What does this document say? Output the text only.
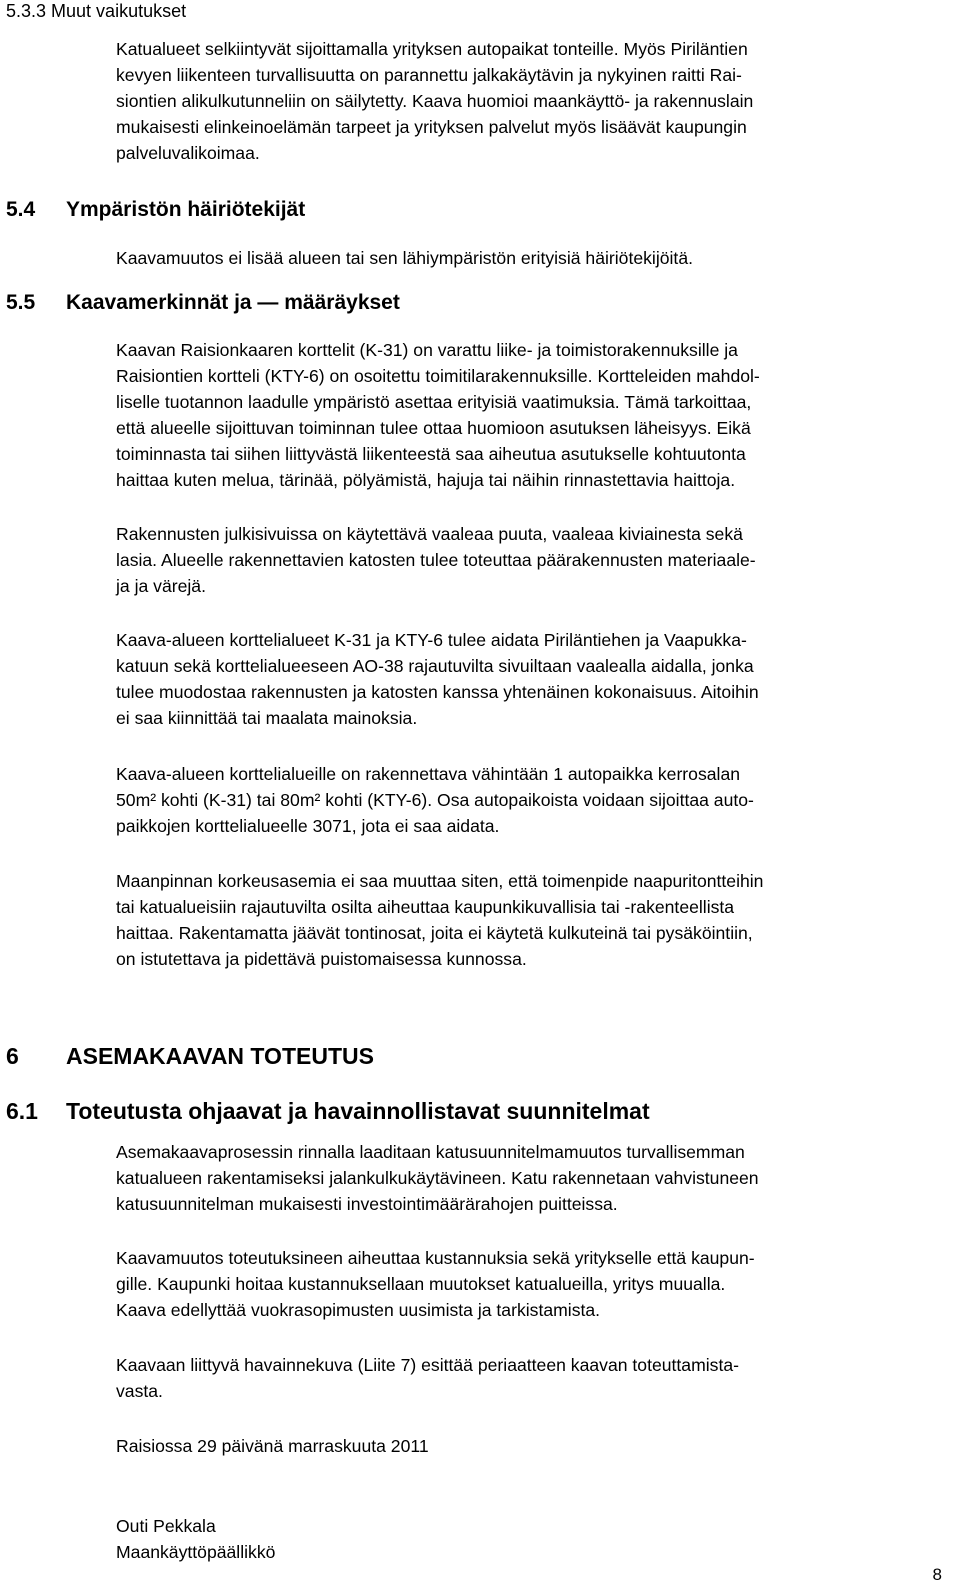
5.3.3 Muut vaikutukset
Katualueet selkiintyvät sijoittamalla yrityksen autopaikat tonteille. Myös Piriläntien
kevyen liikenteen turvallisuutta on parannettu jalkakäytävin ja nykyinen raitti Rai-
siontien alikulkutunneliin on säilytetty. Kaava huomioi maankäyttö- ja rakennuslain
mukaisesti elinkeinoelämän tarpeet ja yrityksen palvelut myös lisäävät kaupungin
palveluvalikoimaa.
5.4 Ympäristön häiriötekijät
Kaavamuutos ei lisää alueen tai sen lähiympäristön erityisiä häiriötekijöitä.
5.5 Kaavamerkinnät ja — määräykset
Kaavan Raisionkaaren korttelit (K-31) on varattu liike- ja toimistorakennuksille ja
Raisiontien kortteli (KTY-6) on osoitettu toimitilarakennuksille. Kortteleiden mahdol-
liselle tuotannon laadulle ympäristö asettaa erityisiä vaatimuksia. Tämä tarkoittaa,
että alueelle sijoittuvan toiminnan tulee ottaa huomioon asutuksen läheisyys. Eikä
toiminnasta tai siihen liittyvästä liikenteestä saa aiheutua asutukselle kohtuutonta
haittaa kuten melua, tärinää, pölyämistä, hajuja tai näihin rinnastettavia haittoja.
Rakennusten julkisivuissa on käytettävä vaaleaa puuta, vaaleaa kiviainesta sekä
lasia. Alueelle rakennettavien katosten tulee toteuttaa päärakennusten materiaale-
ja ja värejä.
Kaava-alueen korttelialueet K-31 ja KTY-6 tulee aidata Piriläntiehen ja Vaapukka-
katuun sekä korttelialueeseen AO-38 rajautuvilta sivuiltaan vaalealla aidalla, jonka
tulee muodostaa rakennusten ja katosten kanssa yhtenäinen kokonaisuus. Aitoihin
ei saa kiinnittää tai maalata mainoksia.
Kaava-alueen korttelialueille on rakennettava vähintään 1 autopaikka kerrosalan
50m² kohti (K-31) tai 80m² kohti (KTY-6). Osa autopaikoista voidaan sijoittaa auto-
paikkojen korttelialueelle 3071, jota ei saa aidata.
Maanpinnan korkeusasemia ei saa muuttaa siten, että toimenpide naapuritontteihin
tai katualueisiin rajautuvilta osilta aiheuttaa kaupunkikuvallisia tai -rakenteellista
haittaa. Rakentamatta jäävät tontinosat, joita ei käytetä kulkuteinä tai pysäköintiin,
on istutettava ja pidettävä puistomaisessa kunnossa.
6 ASEMAKAAVAN TOTEUTUS
6.1 Toteutusta ohjaavat ja havainnollistavat suunnitelmat
Asemakaavaprosessin rinnalla laaditaan katusuunnitelmamuutos turvallisemman
katualueen rakentamiseksi jalankulkukäytävineen. Katu rakennetaan vahvistuneen
katusuunnitelman mukaisesti investointimäärärahojen puitteissa.
Kaavamuutos toteutuksineen aiheuttaa kustannuksia sekä yritykselle että kaupun-
gille. Kaupunki hoitaa kustannuksellaan muutokset katualueilla, yritys muualla.
Kaava edellyttää vuokrasopimusten uusimista ja tarkistamista.
Kaavaan liittyvä havainnekuva (Liite 7) esittää periaatteen kaavan toteuttamista-
vasta.
Raisiossa 29 päivänä marraskuuta 2011
Outi Pekkala
Maankäyttöpäällikkö
8
